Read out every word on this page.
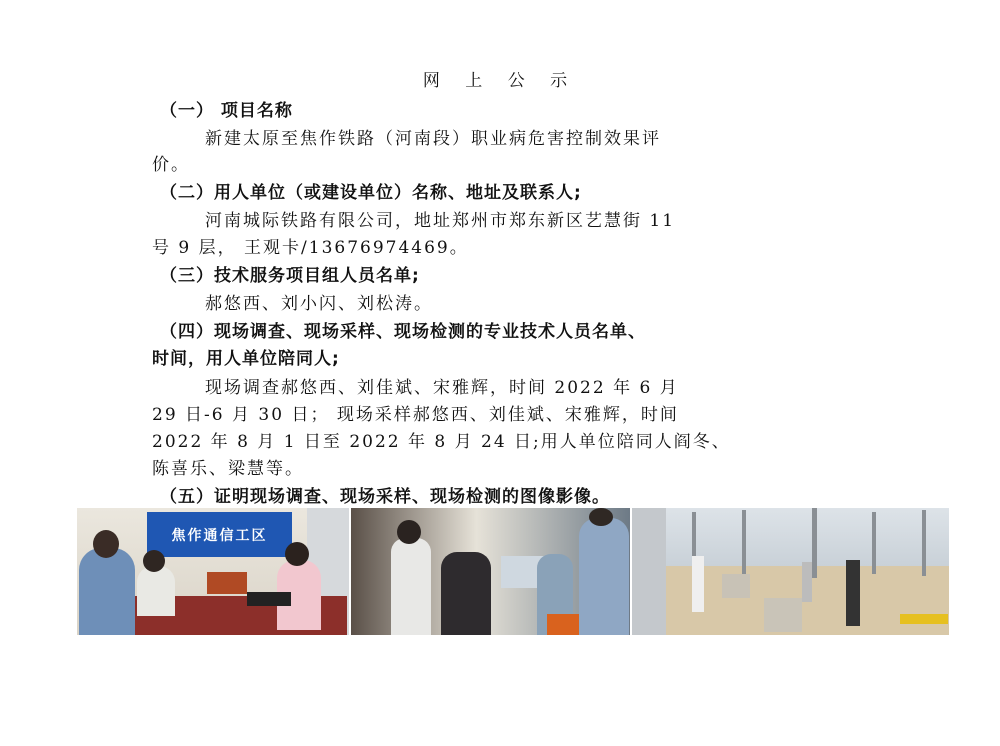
网 上 公 示
（一） 项目名称
新建太原至焦作铁路（河南段）职业病危害控制效果评
价。
（二）用人单位（或建设单位）名称、地址及联系人;
河南城际铁路有限公司，地址郑州市郑东新区艺慧街 11
号 9 层， 王观卡/13676974469。
（三）技术服务项目组人员名单;
郝悠西、刘小闪、刘松涛。
（四）现场调查、现场采样、现场检测的专业技术人员名单、
时间，用人单位陪同人;
现场调查郝悠西、刘佳斌、宋雅辉，时间 2022 年 6 月
29 日-6 月 30 日； 现场采样郝悠西、刘佳斌、宋雅辉，时间
2022 年 8 月 1 日至 2022 年 8 月 24 日;用人单位陪同人阎冬、
陈喜乐、梁慧等。
（五）证明现场调查、现场采样、现场检测的图像影像。
焦作通信工区
